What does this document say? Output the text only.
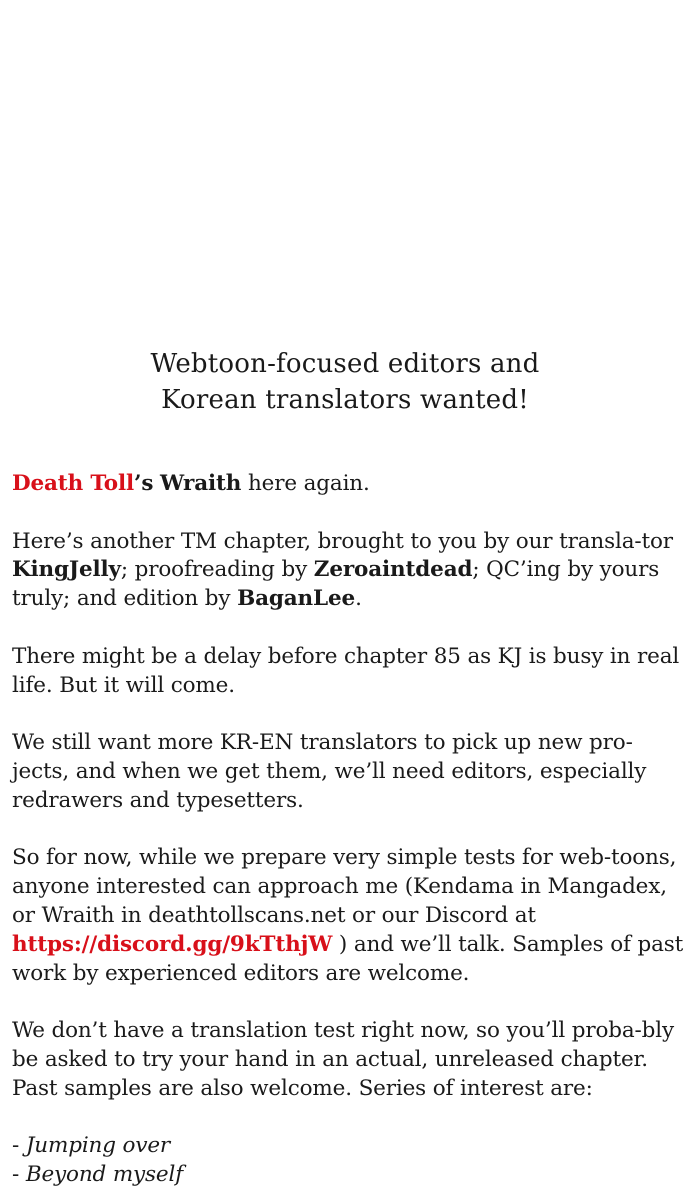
Webtoon-focused editors and
Korean translators wanted!

Death Toll’s Wraith here again.

Here’s another TM chapter, brought to you by our transla-tor KingJelly; proofreading by Zeroaintdead; QC’ing by yours truly; and edition by BaganLee.

There might be a delay before chapter 85 as KJ is busy in real life. But it will come.

We still want more KR-EN translators to pick up new pro-jects, and when we get them, we’ll need editors, especially redrawers and typesetters.

So for now, while we prepare very simple tests for web-toons, anyone interested can approach me (Kendama in Mangadex, or Wraith in deathtollscans.net or our Discord at https://discord.gg/9kTthjW ) and we’ll talk. Samples of past work by experienced editors are welcome.

We don’t have a translation test right now, so you’ll proba-bly be asked to try your hand in an actual, unreleased chapter. Past samples are also welcome. Series of interest are:

- Jumping over
- Beyond myself
